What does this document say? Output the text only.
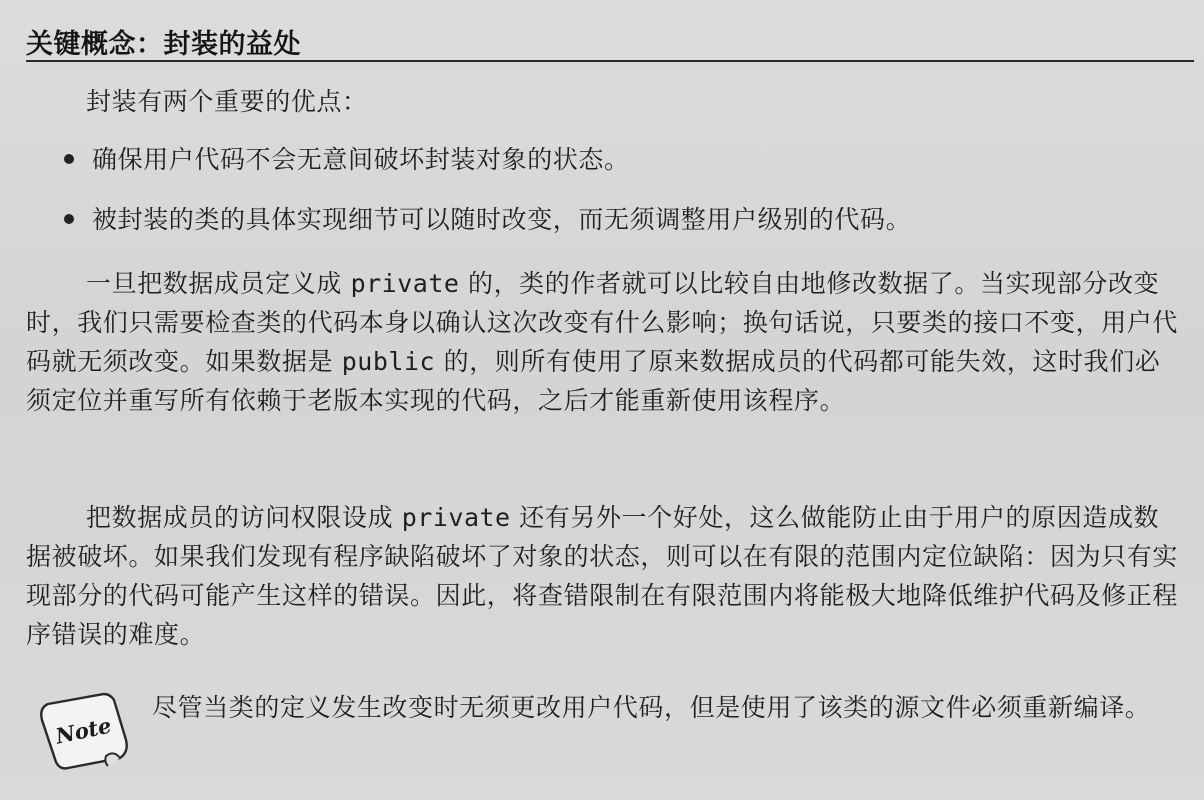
关键概念：封装的益处

封装有两个重要的优点：

确保用户代码不会无意间破坏封装对象的状态。
被封装的类的具体实现细节可以随时改变，而无须调整用户级别的代码。

一旦把数据成员定义成 private 的，类的作者就可以比较自由地修改数据了。当实现部分改变时，我们只需要检查类的代码本身以确认这次改变有什么影响；换句话说，只要类的接口不变，用户代码就无须改变。如果数据是 public 的，则所有使用了原来数据成员的代码都可能失效，这时我们必须定位并重写所有依赖于老版本实现的代码，之后才能重新使用该程序。

把数据成员的访问权限设成 private 还有另外一个好处，这么做能防止由于用户的原因造成数据被破坏。如果我们发现有程序缺陷破坏了对象的状态，则可以在有限的范围内定位缺陷：因为只有实现部分的代码可能产生这样的错误。因此，将查错限制在有限范围内将能极大地降低维护代码及修正程序错误的难度。

Note
尽管当类的定义发生改变时无须更改用户代码，但是使用了该类的源文件必须重新编译。
